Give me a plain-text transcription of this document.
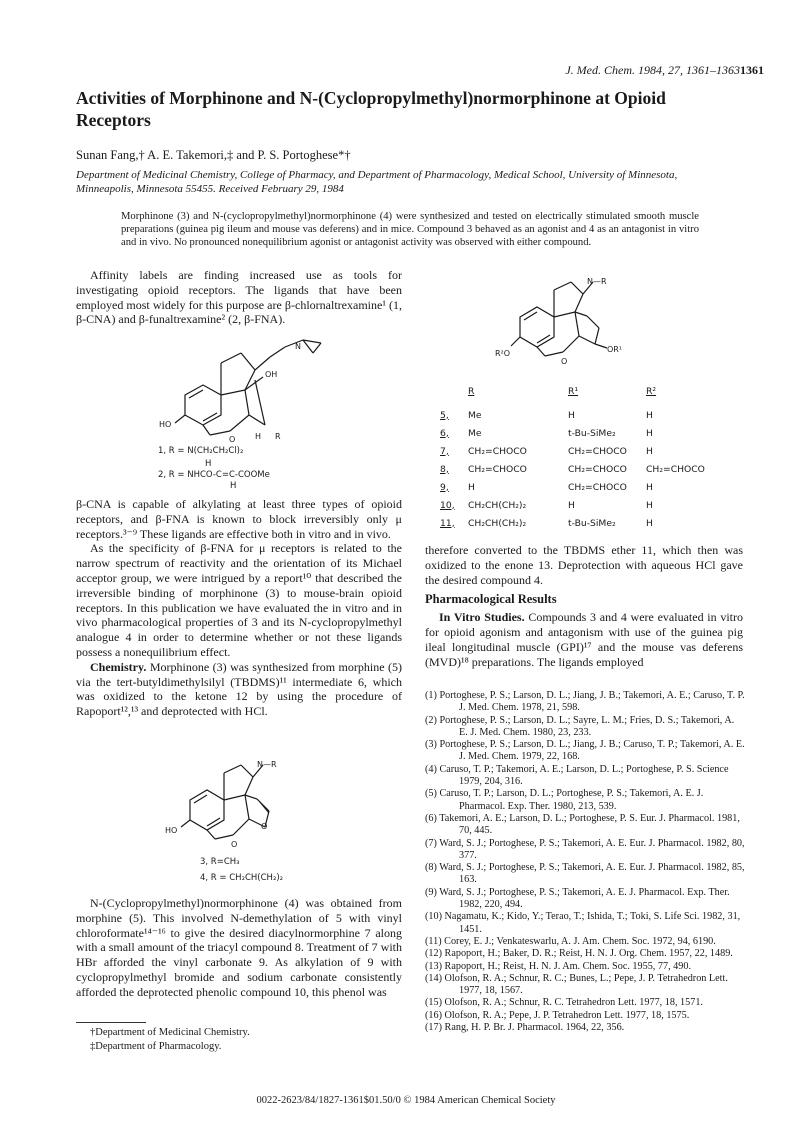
J. Med. Chem. 1984, 27, 1361–1363 1361
Activities of Morphinone and N-(Cyclopropylmethyl)normorphinone at Opioid Receptors
Sunan Fang,† A. E. Takemori,‡ and P. S. Portoghese*†
Department of Medicinal Chemistry, College of Pharmacy, and Department of Pharmacology, Medical School, University of Minnesota, Minneapolis, Minnesota 55455. Received February 29, 1984
Morphinone (3) and N-(cyclopropylmethyl)normorphinone (4) were synthesized and tested on electrically stimulated smooth muscle preparations (guinea pig ileum and mouse vas deferens) and in mice. Compound 3 behaved as an agonist and 4 as an antagonist in vitro and in vivo. No pronounced nonequilibrium agonist or antagonist activity was observed with either compound.

Affinity labels are finding increased use as tools for investigating opioid receptors. The ligands that have been employed most widely for this purpose are β-chlornaltrexamine¹ (1, β-CNA) and β-funaltrexamine² (2, β-FNA).

HO
O
OH
H R
N
1, R = N(CH₂CH₂Cl)₂
H
2, R = NHCO-C=C-COOMe
H

β-CNA is capable of alkylating at least three types of opioid receptors, and β-FNA is known to block irreversibly only μ receptors.³⁻⁹ These ligands are effective both in vitro and in vivo.

As the specificity of β-FNA for μ receptors is related to the narrow spectrum of reactivity and the orientation of its Michael acceptor group, we were intrigued by a report¹⁰ that described the irreversible binding of morphinone (3) to mouse-brain opioid receptors. In this publication we have evaluated the in vitro and in vivo pharmacological properties of 3 and its N-cyclopropylmethyl analogue 4 in order to determine whether or not these ligands possess a nonequilibrium effect.

Chemistry. Morphinone (3) was synthesized from morphine (5) via the tert-butyldimethylsilyl (TBDMS)¹¹ intermediate 6, which was oxidized to the ketone 12 by using the procedure of Rapoport¹²,¹³ and deprotected with HCl.

HO
O
O
N—R
3, R=CH₃
4, R = CH₂CH(CH₂)₂

N-(Cyclopropylmethyl)normorphinone (4) was obtained from morphine (5). This involved N-demethylation of 5 with vinyl chloroformate¹⁴⁻¹⁶ to give the desired diacylnormorphine 7 along with a small amount of the triacyl compound 8. Treatment of 7 with HBr afforded the vinyl carbonate 9. As alkylation of 9 with cyclopropylmethyl bromide and sodium carbonate consistently afforded the deprotected phenolic compound 10, this phenol was

†Department of Medicinal Chemistry.
‡Department of Pharmacology.
R²O
O
OR¹
N—R
R	R¹	R²
5,	Me	H	H
6,	Me	t-Bu-SiMe₂	H
7,	CH₂=CHOCO	CH₂=CHOCO	H
8,	CH₂=CHOCO	CH₂=CHOCO	CH₂=CHOCO
9,	H	CH₂=CHOCO	H
10,	CH₂CH(CH₂)₂	H	H
11,	CH₂CH(CH₂)₂	t-Bu-SiMe₂	H

therefore converted to the TBDMS ether 11, which then was oxidized to the enone 13. Deprotection with aqueous HCl gave the desired compound 4.

Pharmacological Results

In Vitro Studies. Compounds 3 and 4 were evaluated in vitro for opioid agonism and antagonism with use of the guinea pig ileal longitudinal muscle (GPI)¹⁷ and the mouse vas deferens (MVD)¹⁸ preparations. The ligands employed

(1) Portoghese, P. S.; Larson, D. L.; Jiang, J. B.; Takemori, A. E.; Caruso, T. P. J. Med. Chem. 1978, 21, 598.

(2) Portoghese, P. S.; Larson, D. L.; Sayre, L. M.; Fries, D. S.; Takemori, A. E. J. Med. Chem. 1980, 23, 233.

(3) Portoghese, P. S.; Larson, D. L.; Jiang, J. B.; Caruso, T. P.; Takemori, A. E. J. Med. Chem. 1979, 22, 168.

(4) Caruso, T. P.; Takemori, A. E.; Larson, D. L.; Portoghese, P. S. Science 1979, 204, 316.

(5) Caruso, T. P.; Larson, D. L.; Portoghese, P. S.; Takemori, A. E. J. Pharmacol. Exp. Ther. 1980, 213, 539.

(6) Takemori, A. E.; Larson, D. L.; Portoghese, P. S. Eur. J. Pharmacol. 1981, 70, 445.

(7) Ward, S. J.; Portoghese, P. S.; Takemori, A. E. Eur. J. Pharmacol. 1982, 80, 377.

(8) Ward, S. J.; Portoghese, P. S.; Takemori, A. E. Eur. J. Pharmacol. 1982, 85, 163.

(9) Ward, S. J.; Portoghese, P. S.; Takemori, A. E. J. Pharmacol. Exp. Ther. 1982, 220, 494.

(10) Nagamatu, K.; Kido, Y.; Terao, T.; Ishida, T.; Toki, S. Life Sci. 1982, 31, 1451.

(11) Corey, E. J.; Venkateswarlu, A. J. Am. Chem. Soc. 1972, 94, 6190.

(12) Rapoport, H.; Baker, D. R.; Reist, H. N. J. Org. Chem. 1957, 22, 1489.

(13) Rapoport, H.; Reist, H. N. J. Am. Chem. Soc. 1955, 77, 490.

(14) Olofson, R. A.; Schnur, R. C.; Bunes, L.; Pepe, J. P. Tetrahedron Lett. 1977, 18, 1567.

(15) Olofson, R. A.; Schnur, R. C. Tetrahedron Lett. 1977, 18, 1571.

(16) Olofson, R. A.; Pepe, J. P. Tetrahedron Lett. 1977, 18, 1575.

(17) Rang, H. P. Br. J. Pharmacol. 1964, 22, 356.

0022-2623/84/1827-1361$01.50/0 © 1984 American Chemical Society
